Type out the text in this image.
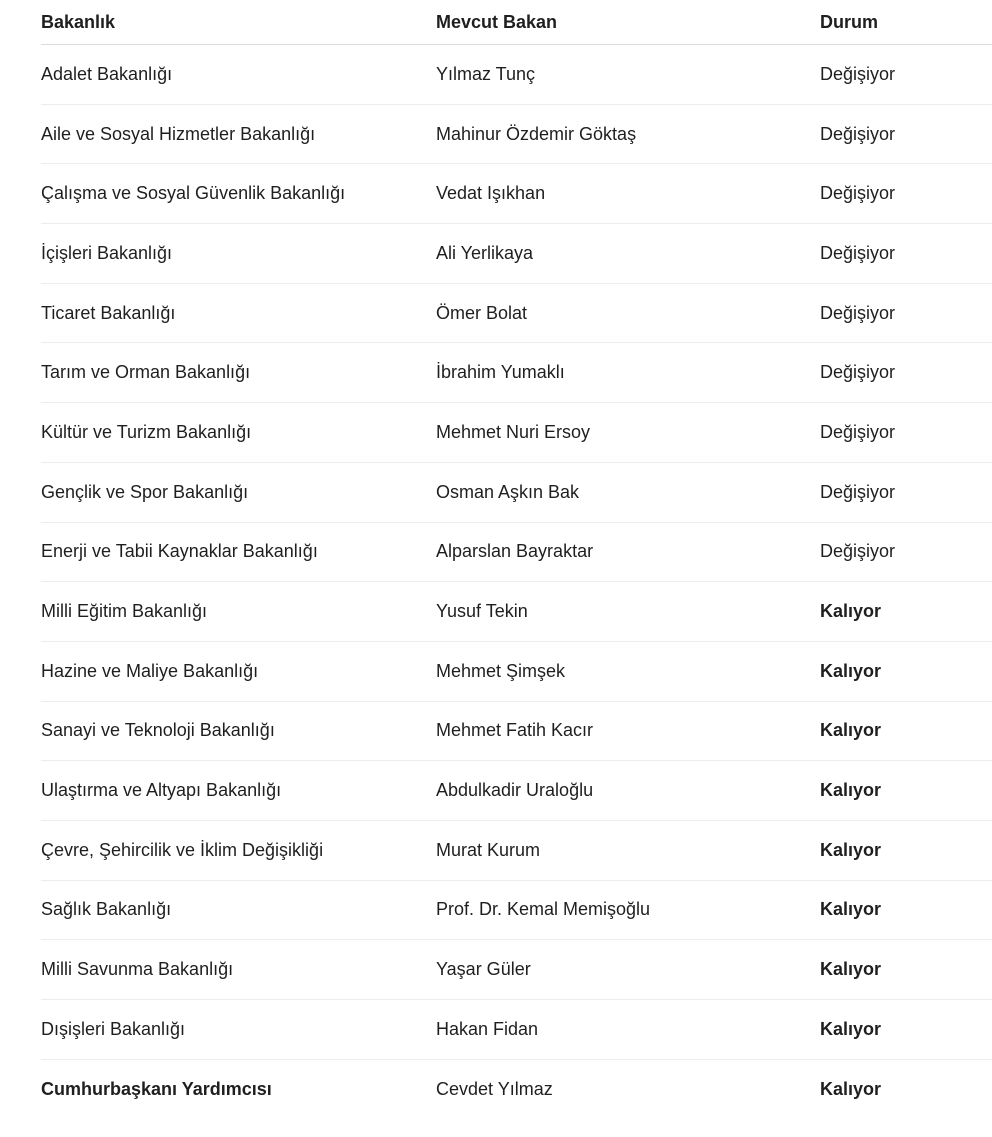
Bakanlık	Mevcut Bakan	Durum
Adalet Bakanlığı	Yılmaz Tunç	Değişiyor
Aile ve Sosyal Hizmetler Bakanlığı	Mahinur Özdemir Göktaş	Değişiyor
Çalışma ve Sosyal Güvenlik Bakanlığı	Vedat Işıkhan	Değişiyor
İçişleri Bakanlığı	Ali Yerlikaya	Değişiyor
Ticaret Bakanlığı	Ömer Bolat	Değişiyor
Tarım ve Orman Bakanlığı	İbrahim Yumaklı	Değişiyor
Kültür ve Turizm Bakanlığı	Mehmet Nuri Ersoy	Değişiyor
Gençlik ve Spor Bakanlığı	Osman Aşkın Bak	Değişiyor
Enerji ve Tabii Kaynaklar Bakanlığı	Alparslan Bayraktar	Değişiyor
Milli Eğitim Bakanlığı	Yusuf Tekin	Kalıyor
Hazine ve Maliye Bakanlığı	Mehmet Şimşek	Kalıyor
Sanayi ve Teknoloji Bakanlığı	Mehmet Fatih Kacır	Kalıyor
Ulaştırma ve Altyapı Bakanlığı	Abdulkadir Uraloğlu	Kalıyor
Çevre, Şehircilik ve İklim Değişikliği	Murat Kurum	Kalıyor
Sağlık Bakanlığı	Prof. Dr. Kemal Memişoğlu	Kalıyor
Milli Savunma Bakanlığı	Yaşar Güler	Kalıyor
Dışişleri Bakanlığı	Hakan Fidan	Kalıyor
Cumhurbaşkanı Yardımcısı	Cevdet Yılmaz	Kalıyor
